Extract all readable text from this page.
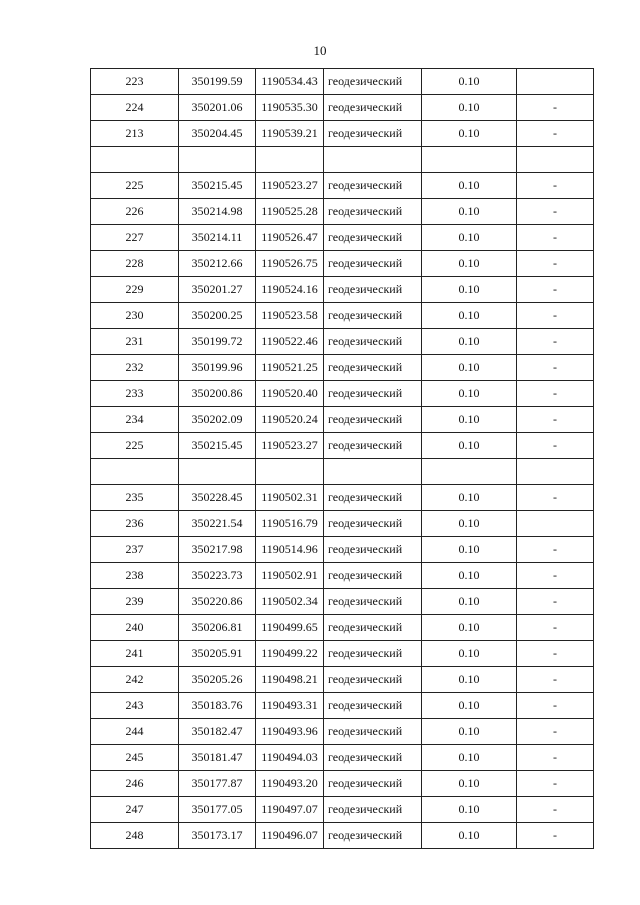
10
223	350199.59	1190534.43	геодезический	0.10	
224	350201.06	1190535.30	геодезический	0.10	-
213	350204.45	1190539.21	геодезический	0.10	-

225	350215.45	1190523.27	геодезический	0.10	-
226	350214.98	1190525.28	геодезический	0.10	-
227	350214.11	1190526.47	геодезический	0.10	-
228	350212.66	1190526.75	геодезический	0.10	-
229	350201.27	1190524.16	геодезический	0.10	-
230	350200.25	1190523.58	геодезический	0.10	-
231	350199.72	1190522.46	геодезический	0.10	-
232	350199.96	1190521.25	геодезический	0.10	-
233	350200.86	1190520.40	геодезический	0.10	-
234	350202.09	1190520.24	геодезический	0.10	-
225	350215.45	1190523.27	геодезический	0.10	-

235	350228.45	1190502.31	геодезический	0.10	-
236	350221.54	1190516.79	геодезический	0.10	
237	350217.98	1190514.96	геодезический	0.10	-
238	350223.73	1190502.91	геодезический	0.10	-
239	350220.86	1190502.34	геодезический	0.10	-
240	350206.81	1190499.65	геодезический	0.10	-
241	350205.91	1190499.22	геодезический	0.10	-
242	350205.26	1190498.21	геодезический	0.10	-
243	350183.76	1190493.31	геодезический	0.10	-
244	350182.47	1190493.96	геодезический	0.10	-
245	350181.47	1190494.03	геодезический	0.10	-
246	350177.87	1190493.20	геодезический	0.10	-
247	350177.05	1190497.07	геодезический	0.10	-
248	350173.17	1190496.07	геодезический	0.10	-
